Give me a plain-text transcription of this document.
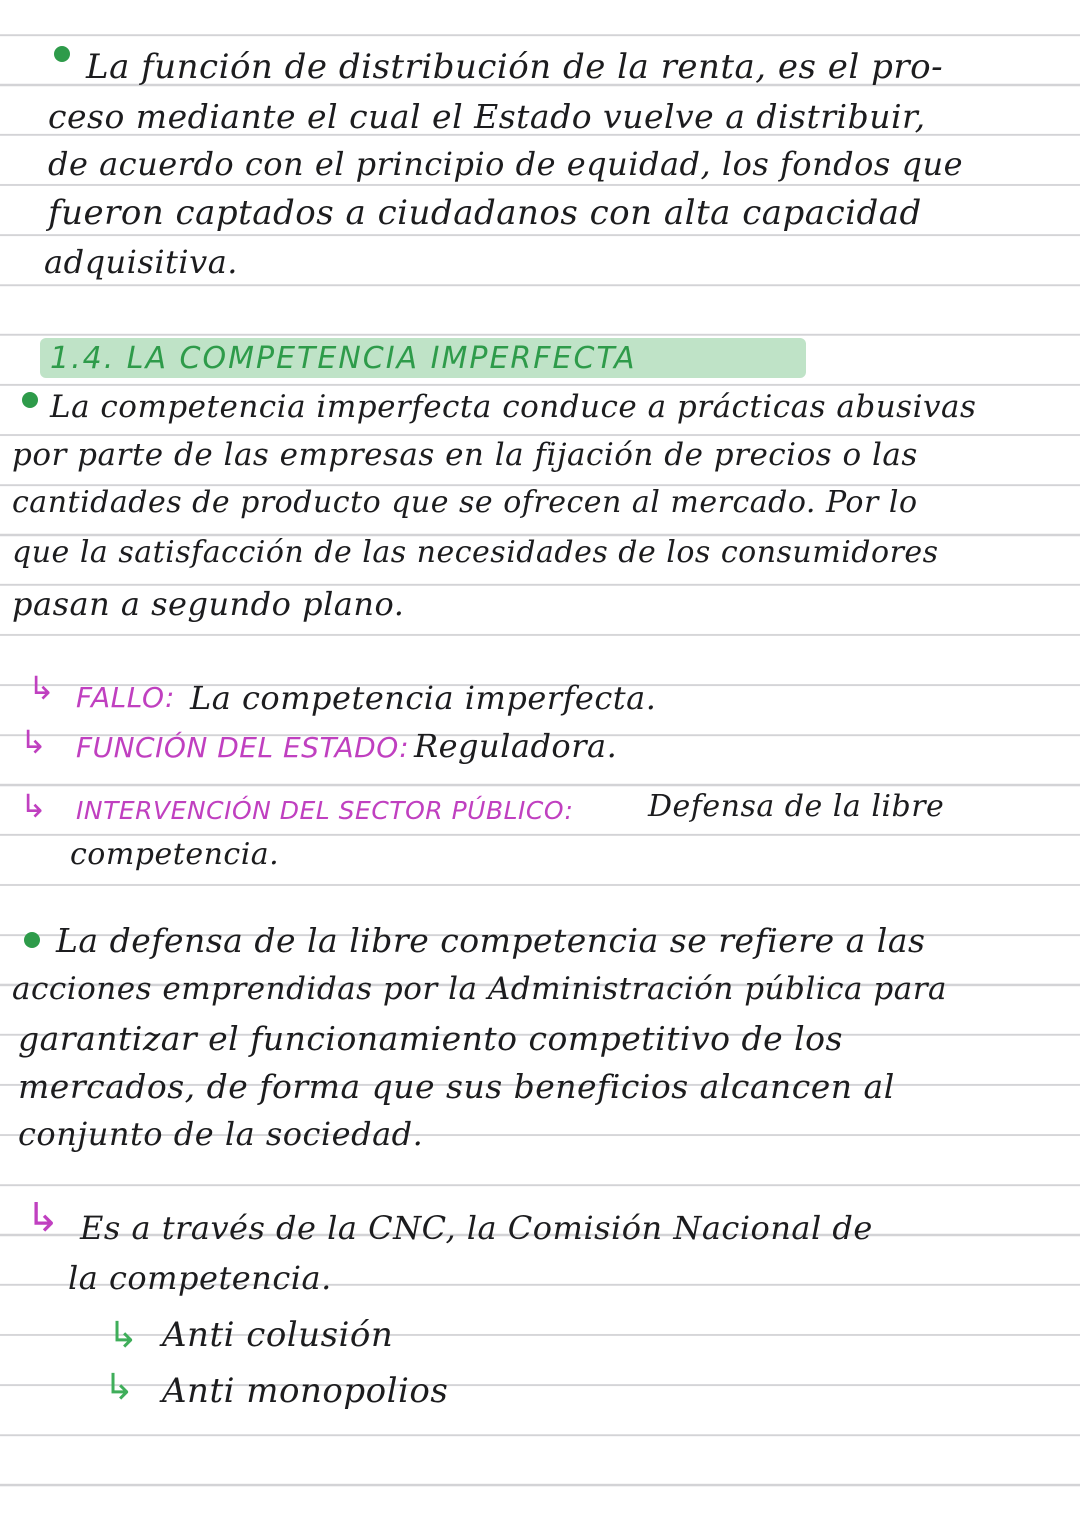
La función de distribución de la renta, es el pro-
ceso mediante el cual el Estado vuelve a distribuir,
de acuerdo con el principio de equidad, los fondos que
fueron captados a ciudadanos con alta capacidad
adquisitiva.
1.4. LA COMPETENCIA IMPERFECTA
La competencia imperfecta conduce a prácticas abusivas
por parte de las empresas en la fijación de precios o las
cantidades de producto que se ofrecen al mercado. Por lo
que la satisfacción de las necesidades de los consumidores
pasan a segundo plano.
↳ FALLO: La competencia imperfecta.
↳ FUNCIÓN DEL ESTADO: Reguladora.
↳ INTERVENCIÓN DEL SECTOR PÚBLICO: Defensa de la libre
competencia.
La defensa de la libre competencia se refiere a las
acciones emprendidas por la Administración pública para
garantizar el funcionamiento competitivo de los
mercados, de forma que sus beneficios alcancen al
conjunto de la sociedad.
↳ Es a través de la CNC, la Comisión Nacional de
la competencia.
↳ Anti colusión
↳ Anti monopolios
